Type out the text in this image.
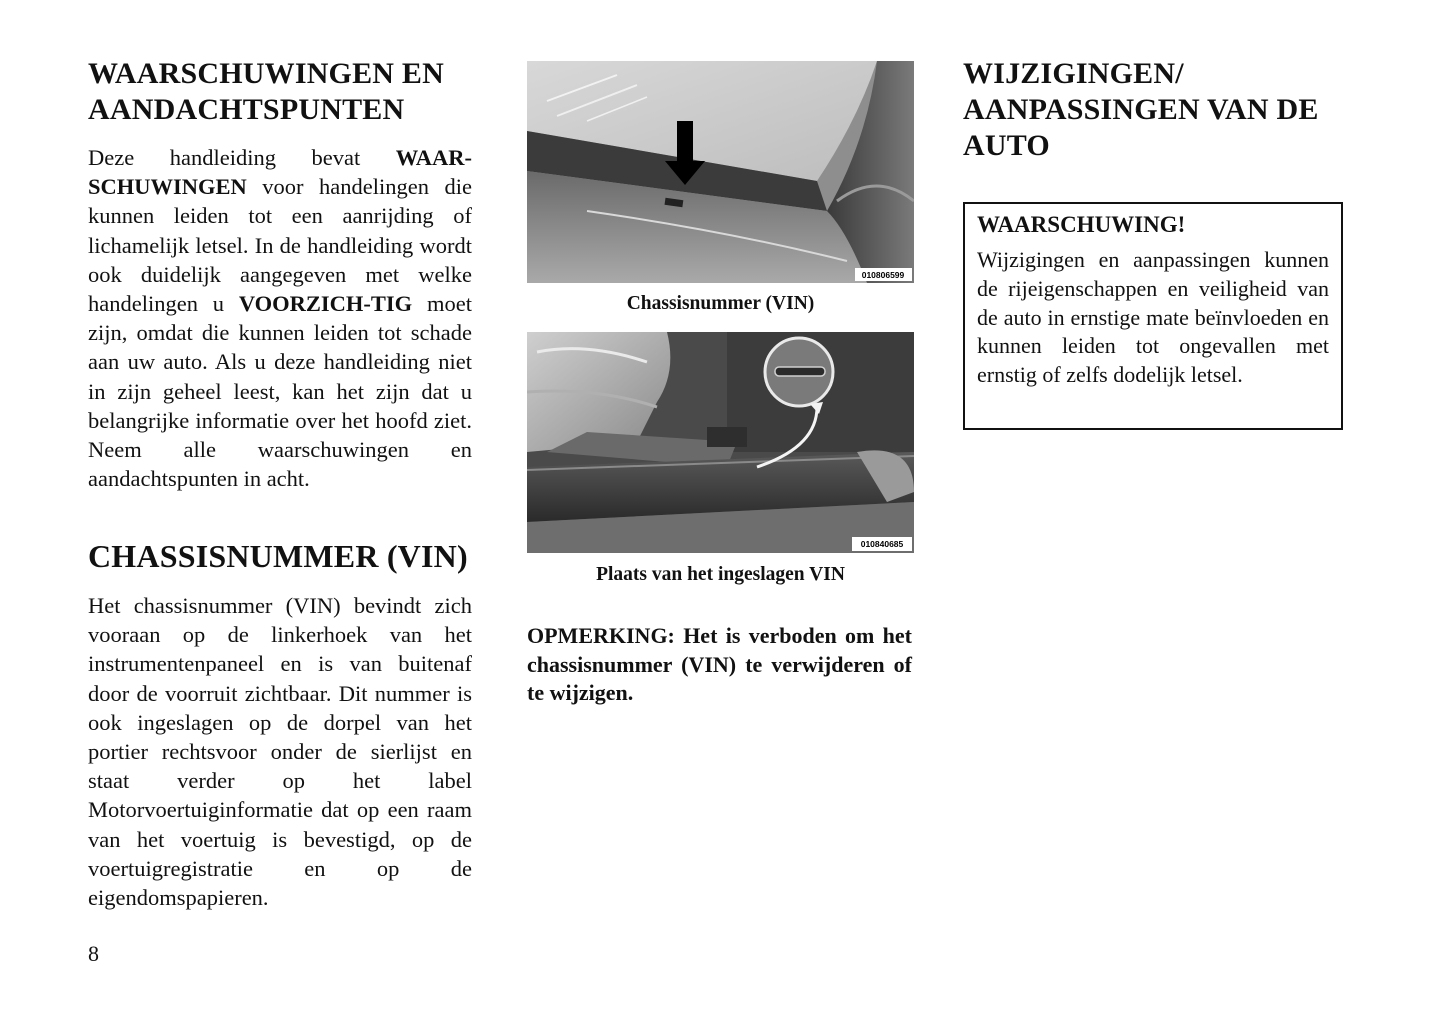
WAARSCHUWINGEN EN AANDACHTSPUNTEN

Deze handleiding bevat WAAR-SCHUWINGEN voor handelingen die kunnen leiden tot een aanrijding of lichamelijk letsel. In de handleiding wordt ook duidelijk aangegeven met welke handelingen u VOORZICH-TIG moet zijn, omdat die kunnen leiden tot schade aan uw auto. Als u deze handleiding niet in zijn geheel leest, kan het zijn dat u belangrijke informatie over het hoofd ziet. Neem alle waarschuwingen en aandachtspunten in acht.

CHASSISNUMMER (VIN)

Het chassisnummer (VIN) bevindt zich vooraan op de linkerhoek van het instrumentenpaneel en is van buitenaf door de voorruit zichtbaar. Dit nummer is ook ingeslagen op de dorpel van het portier rechtsvoor onder de sierlijst en staat verder op het label Motorvoertuiginformatie dat op een raam van het voertuig is bevestigd, op de voertuigregistratie en op de eigendomspapieren.

010806599
Chassisnummer (VIN)
010840685
Plaats van het ingeslagen VIN

OPMERKING: Het is verboden om het chassisnummer (VIN) te verwijderen of te wijzigen.

WIJZIGINGEN/ AANPASSINGEN VAN DE AUTO
WAARSCHUWING!

Wijzigingen en aanpassingen kunnen de rijeigenschappen en veiligheid van de auto in ernstige mate beïnvloeden en kunnen leiden tot ongevallen met ernstig of zelfs dodelijk letsel.

8
